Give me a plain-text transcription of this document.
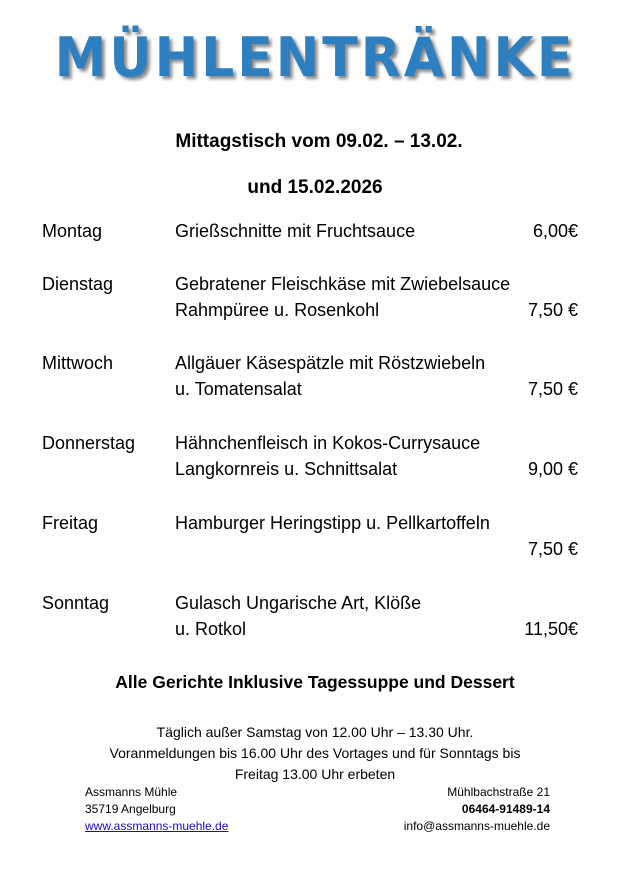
MÜHLENTRÄNKE
Mittagstisch vom 09.02. – 13.02.
und 15.02.2026
Montag	Grießschnitte mit Fruchtsauce	6,00€
Dienstag	Gebratener Fleischkäse mit Zwiebelsauce
Rahmpüree u. Rosenkohl	7,50 €
Mittwoch	Allgäuer Käsespätzle mit Röstzwiebeln
u. Tomatensalat	7,50 €
Donnerstag Hähnchenfleisch in Kokos-Currysauce
Langkornreis u. Schnittsalat	9,00 €
Freitag	Hamburger Heringstipp u. Pellkartoffeln
7,50 €
Sonntag	Gulasch Ungarische Art, Klöße
u. Rotkol	11,50€
Alle Gerichte Inklusive Tagessuppe und Dessert
Täglich außer Samstag von 12.00 Uhr – 13.30 Uhr.
Voranmeldungen bis 16.00 Uhr des Vortages und für Sonntags bis
Freitag 13.00 Uhr erbeten
Assmanns Mühle
35719 Angelburg
www.assmanns-muehle.de
Mühlbachstraße 21
06464-91489-14
info@assmanns-muehle.de
